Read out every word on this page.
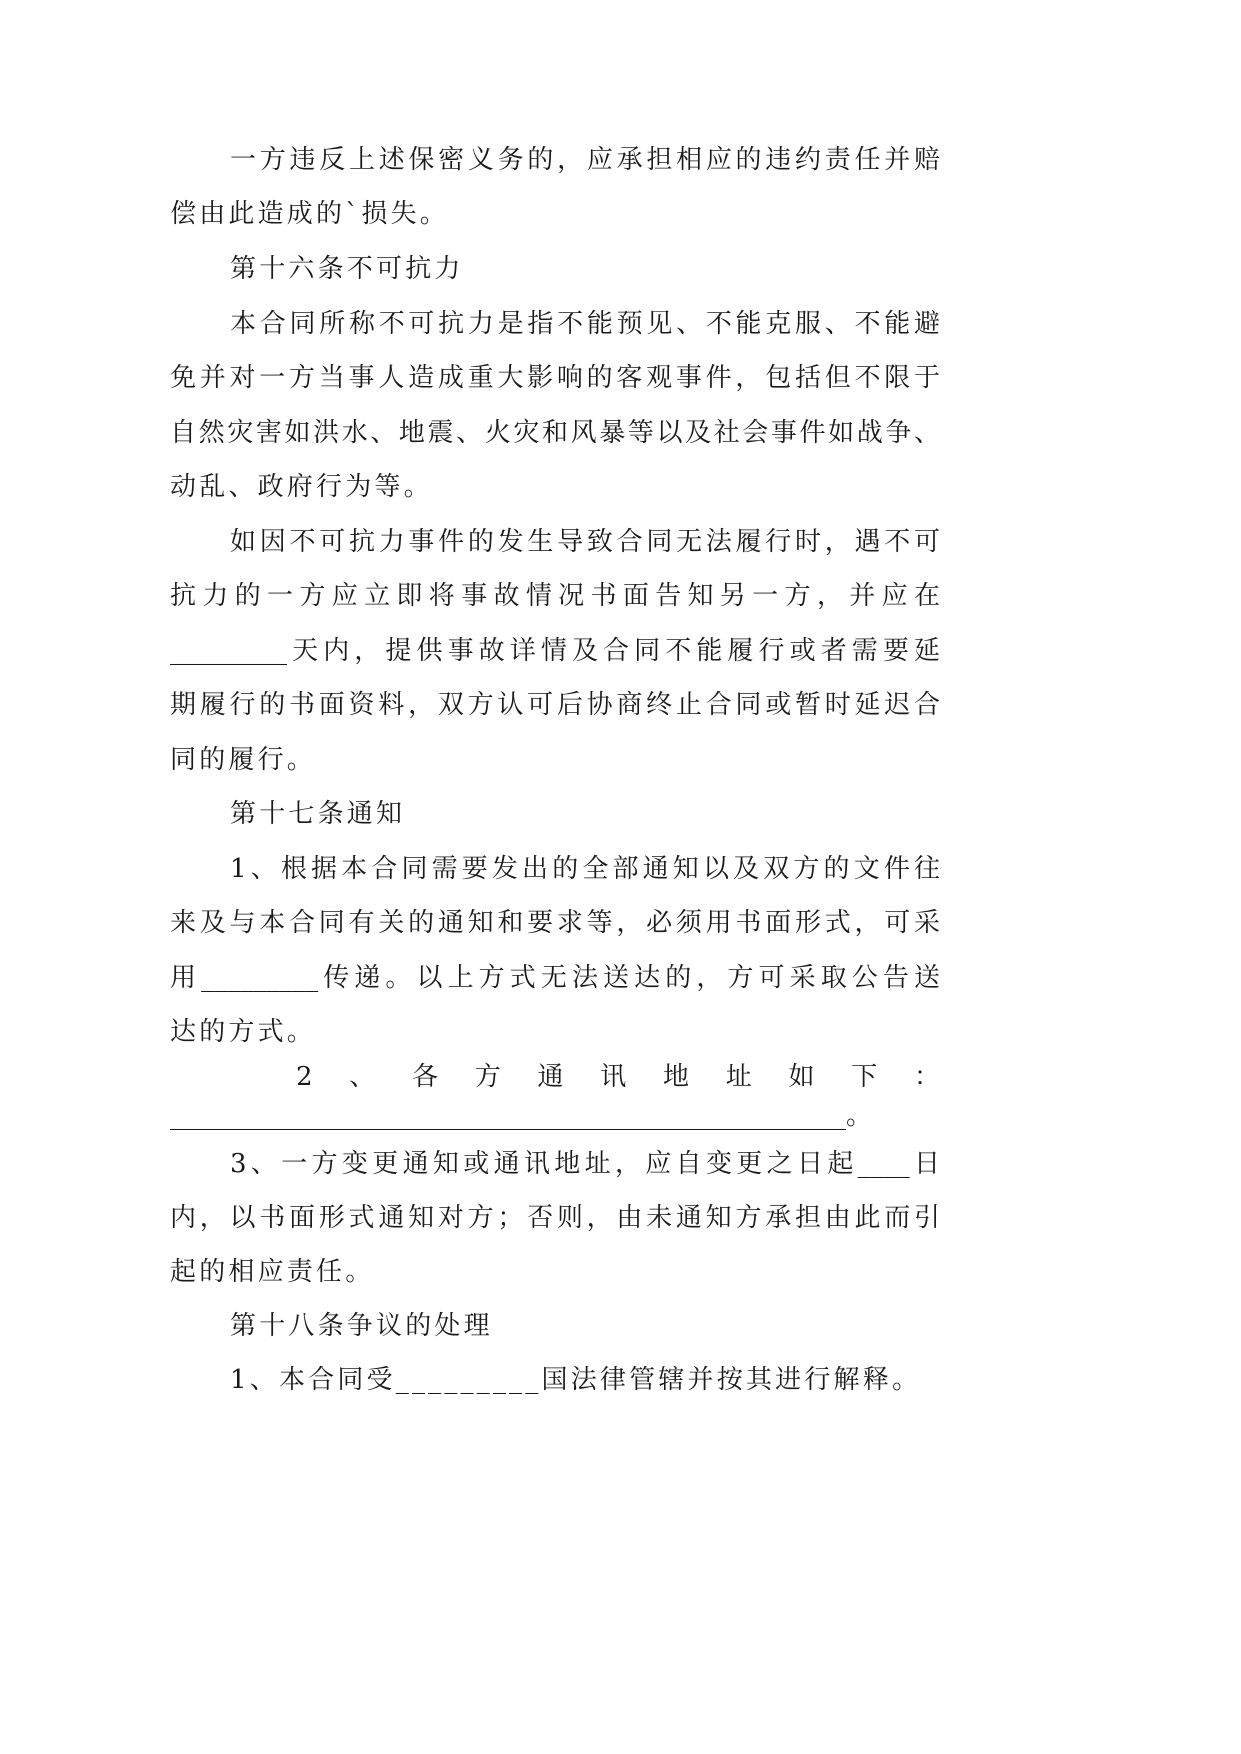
一方违反上述保密义务的，应承担相应的违约责任并赔
偿由此造成的`损失。
第十六条不可抗力
本合同所称不可抗力是指不能预见、不能克服、不能避
免并对一方当事人造成重大影响的客观事件，包括但不限于
自然灾害如洪水、地震、火灾和风暴等以及社会事件如战争、
动乱、政府行为等。
如因不可抗力事件的发生导致合同无法履行时，遇不可
抗力的一方应立即将事故情况书面告知另一方，并应在
_________天内，提供事故详情及合同不能履行或者需要延
期履行的书面资料，双方认可后协商终止合同或暂时延迟合
同的履行。
第十七条通知
1、根据本合同需要发出的全部通知以及双方的文件往
来及与本合同有关的通知和要求等，必须用书面形式，可采
用_________传递。以上方式无法送达的，方可采取公告送
达的方式。
2、各方通讯地址如下：
____________________________________________________。
3、一方变更通知或通讯地址，应自变更之日起____日
内，以书面形式通知对方；否则，由未通知方承担由此而引
起的相应责任。
第十八条争议的处理
1、本合同受_________国法律管辖并按其进行解释。
